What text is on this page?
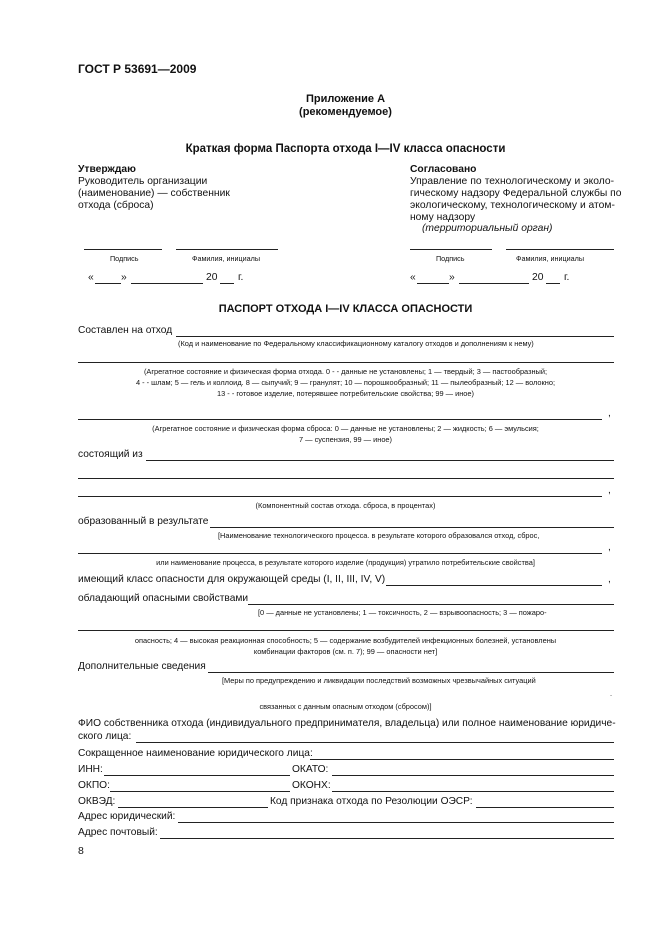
ГОСТ Р 53691—2009
Приложение А
(рекомендуемое)
Краткая форма Паспорта отхода I—IV класса опасности
Утверждаю
Руководитель организации
(наименование) — собственник
отхода (сброса)
Согласовано
Управление по технологическому и эколо-
гическому надзору Федеральной службы по
экологическому, технологическому и атом-
ному надзору
(территориальный орган)
Подпись	Фамилия, инициалы	Подпись	Фамилия, инициалы
«	»	20 г.	«	»	20 г.
ПАСПОРТ ОТХОДА I—IV КЛАССА ОПАСНОСТИ
Составлен на отход
(Код и наименование по Федеральному классификационному каталогу отходов и дополнениям к нему)
(Агрегатное состояние и физическая форма отхода. 0 - - данные не установлены; 1 — твердый; 3 — пастообразный;
4 - - шлам; 5 — гель и коллоид. 8 — сыпучий; 9 — гранулят; 10 — порошкообразный; 11 — пылеобразный; 12 — волокно;
13 - - готовое изделие, потерявшее потребительские свойства; 99 — иное)
,
(Агрегатное состояние и физическая форма сброса: 0 — данные не установлены; 2 — жидкость; 6 — эмульсия;
7 — суспензия, 99 — иное)
состоящий из
,
(Компонентный состав отхода. сброса, в процентах)
образованный в результате
[Наименование технологического процесса. в результате которого образовался отход, сброс,
,
или наименование процесса, в результате которого изделие (продукция) утратило потребительские свойства]
имеющий класс опасности для окружающей среды (I, II, III, IV, V)	,
обладающий опасными свойствами
[0 — данные не установлены; 1 — токсичность, 2 — взрывоопасность; 3 — пожаро-
опасность; 4 — высокая реакционная способность; 5 — содержание возбудителей инфекционных болезней, установлены
комбинации факторов (см. п. 7); 99 — опасности нет]
Дополнительные сведения
[Меры по предупреждению и ликвидации последствий возможных чрезвычайных ситуаций
.
связанных с данным опасным отходом (сбросом)]
ФИО собственника отхода (индивидуального предпринимателя, владельца) или полное наименование юридиче-
ского лица:
Сокращенное наименование юридического лица:
ИНН:	ОКАТО:
ОКПО:	ОКОНХ:
ОКВЭД:	Код признака отхода по Резолюции ОЭСР:
Адрес юридический:
Адрес почтовый:
8
